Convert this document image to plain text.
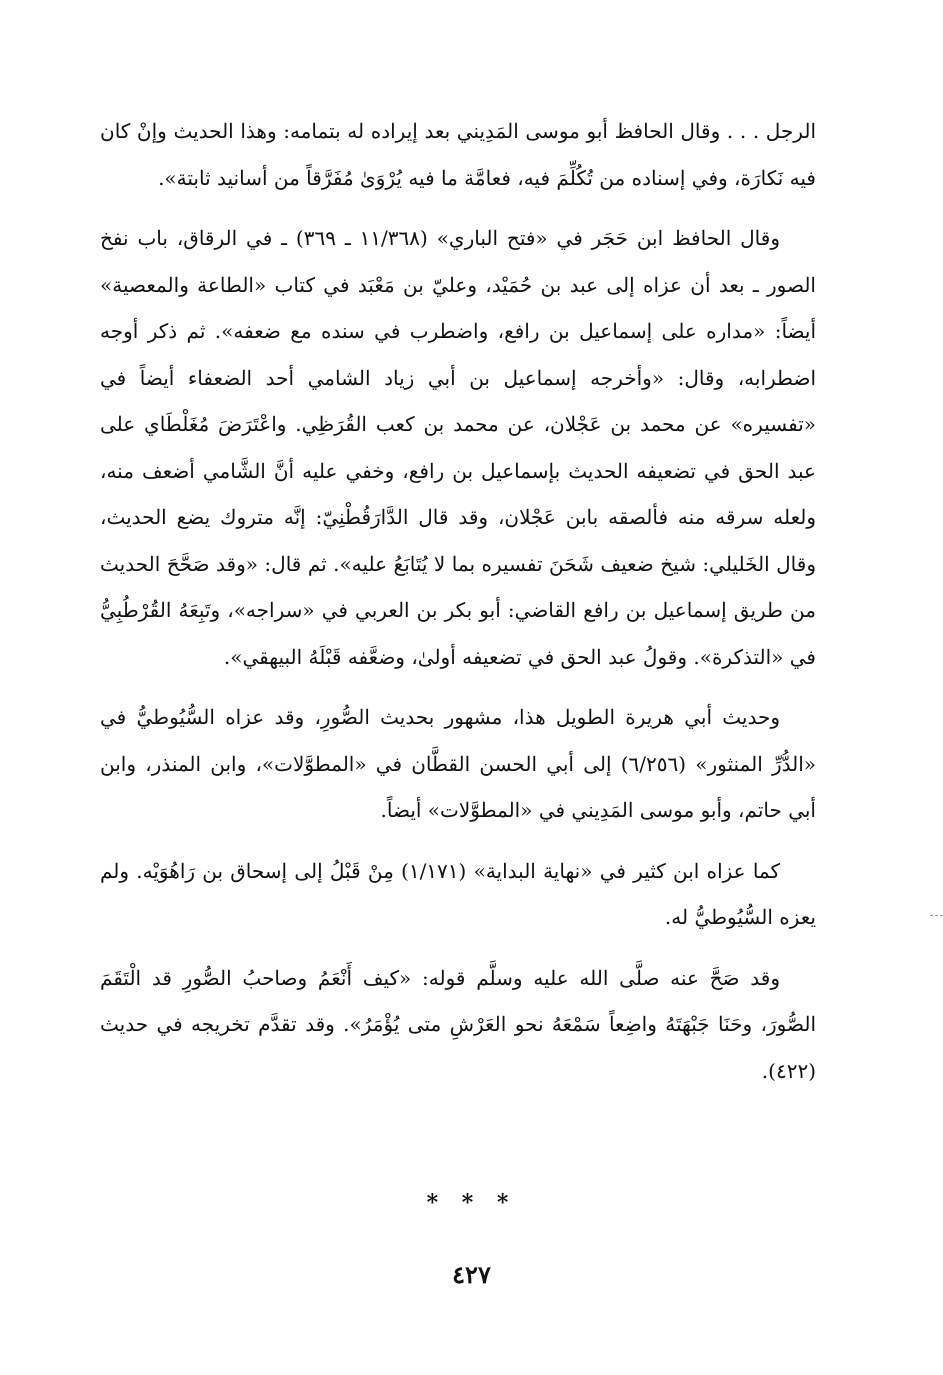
الرجل . . . وقال الحافظ أبو موسى المَدِيني بعد إيراده له بتمامه: وهذا الحديث وإنْ كان فيه نَكارَة، وفي إسناده من تُكُلِّمَ فيه، فعامَّة ما فيه يُرْوَىٰ مُفَرَّقاً من أسانيد ثابتة».

وقال الحافظ ابن حَجَر في «فتح الباري» (١١/٣٦٨ ـ ٣٦٩) ـ في الرقاق، باب نفخ الصور ـ بعد أن عزاه إلى عبد بن حُمَيْد، وعليّ بن مَعْبَد في كتاب «الطاعة والمعصية» أيضاً: «مداره على إسماعيل بن رافع، واضطرب في سنده مع ضعفه». ثم ذكر أوجه اضطرابه، وقال: «وأخرجه إسماعيل بن أبي زياد الشامي أحد الضعفاء أيضاً في «تفسيره» عن محمد بن عَجْلان، عن محمد بن كعب القُرَظِي. واعْتَرَضَ مُغَلْطَاي على عبد الحق في تضعيفه الحديث بإسماعيل بن رافع، وخفي عليه أنَّ الشَّامي أضعف منه، ولعله سرقه منه فألصقه بابن عَجْلان، وقد قال الدَّارَقُطْنِيّ: إنَّه متروك يضع الحديث، وقال الخَليلي: شيخ ضعيف شَحَنَ تفسيره بما لا يُتَابَعُ عليه». ثم قال: «وقد صَحَّحَ الحديث من طريق إسماعيل بن رافع القاضي: أبو بكر بن العربي في «سراجه»، وتَبِعَهُ القُرْطُبِيُّ في «التذكرة». وقولُ عبد الحق في تضعيفه أولىٰ، وضعَّفه قَبْلَهُ البيهقي».

وحديث أبي هريرة الطويل هذا، مشهور بحديث الصُّورِ، وقد عزاه السُّيُوطيُّ في «الدُّرِّ المنثور» (٦/٢٥٦) إلى أبي الحسن القطَّان في «المطوَّلات»، وابن المنذر، وابن أبي حاتم، وأبو موسى المَدِيني في «المطوَّلات» أيضاً.

كما عزاه ابن كثير في «نهاية البداية» (١/١٧١) مِنْ قَبْلُ إلى إسحاق بن رَاهُوَيْه. ولم يعزه السُّيُوطيُّ له.

وقد صَحَّ عنه صلَّى الله عليه وسلَّم قوله: «كيف أَنْعَمُ وصاحبُ الصُّورِ قد الْتَقَمَ الصُّورَ، وحَنَا جَبْهَتَهُ واضِعاً سَمْعَهُ نحو العَرْشِ متى يُؤْمَرُ». وقد تقدَّم تخريجه في حديث (٤٢٢).

* * *
٤٢٧
